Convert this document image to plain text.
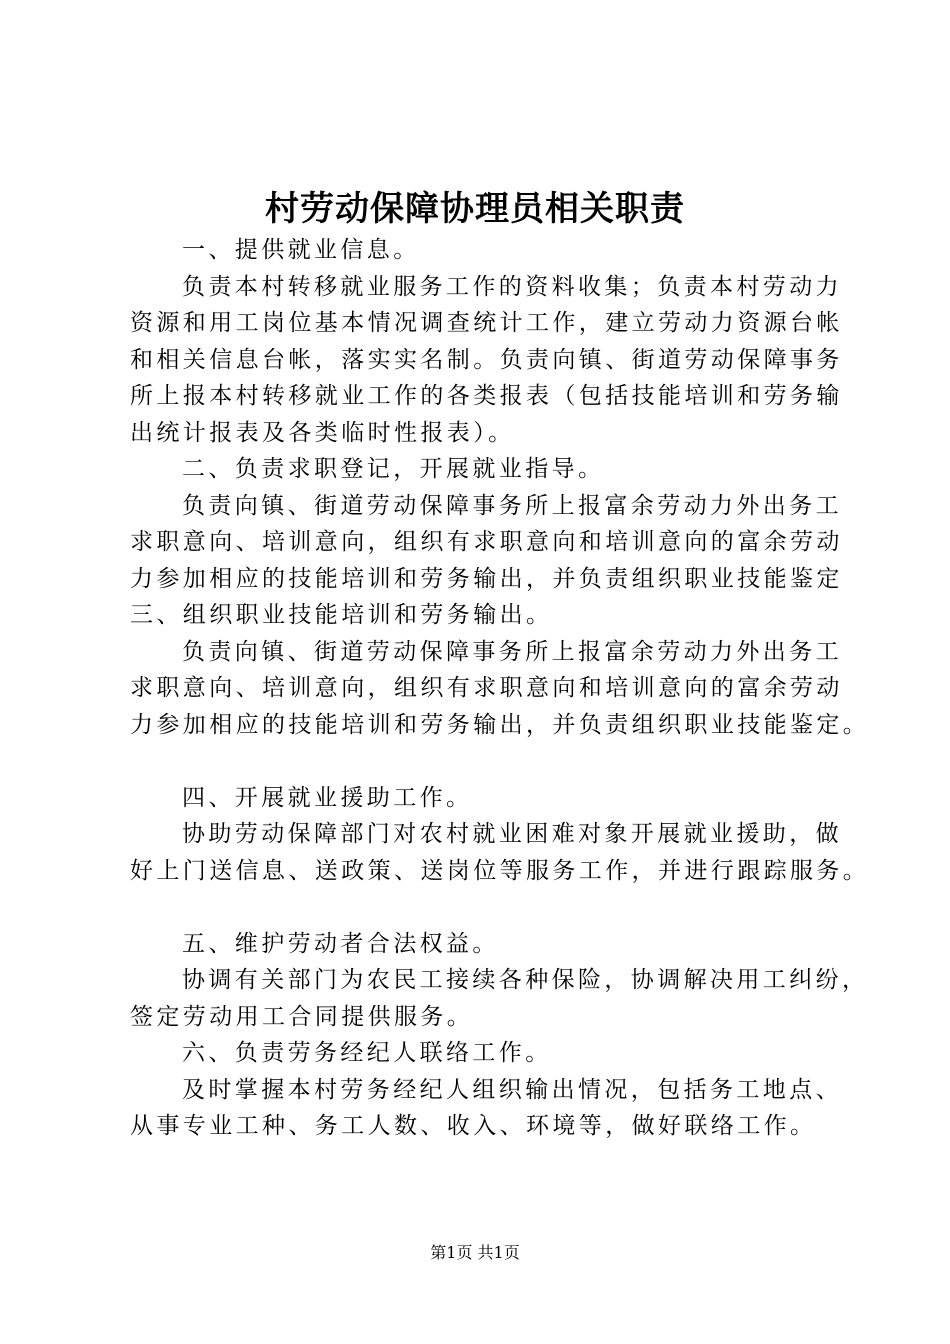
村劳动保障协理员相关职责
一、提供就业信息。
负责本村转移就业服务工作的资料收集；负责本村劳动力
资源和用工岗位基本情况调查统计工作，建立劳动力资源台帐
和相关信息台帐，落实实名制。负责向镇、街道劳动保障事务
所上报本村转移就业工作的各类报表（包括技能培训和劳务输
出统计报表及各类临时性报表）。
二、负责求职登记，开展就业指导。
负责向镇、街道劳动保障事务所上报富余劳动力外出务工
求职意向、培训意向，组织有求职意向和培训意向的富余劳动
力参加相应的技能培训和劳务输出，并负责组织职业技能鉴定
三、组织职业技能培训和劳务输出。
负责向镇、街道劳动保障事务所上报富余劳动力外出务工
求职意向、培训意向，组织有求职意向和培训意向的富余劳动
力参加相应的技能培训和劳务输出，并负责组织职业技能鉴定。
四、开展就业援助工作。
协助劳动保障部门对农村就业困难对象开展就业援助，做
好上门送信息、送政策、送岗位等服务工作，并进行跟踪服务。
五、维护劳动者合法权益。
协调有关部门为农民工接续各种保险，协调解决用工纠纷，
签定劳动用工合同提供服务。
六、负责劳务经纪人联络工作。
及时掌握本村劳务经纪人组织输出情况，包括务工地点、
从事专业工种、务工人数、收入、环境等，做好联络工作。
第1页 共1页
